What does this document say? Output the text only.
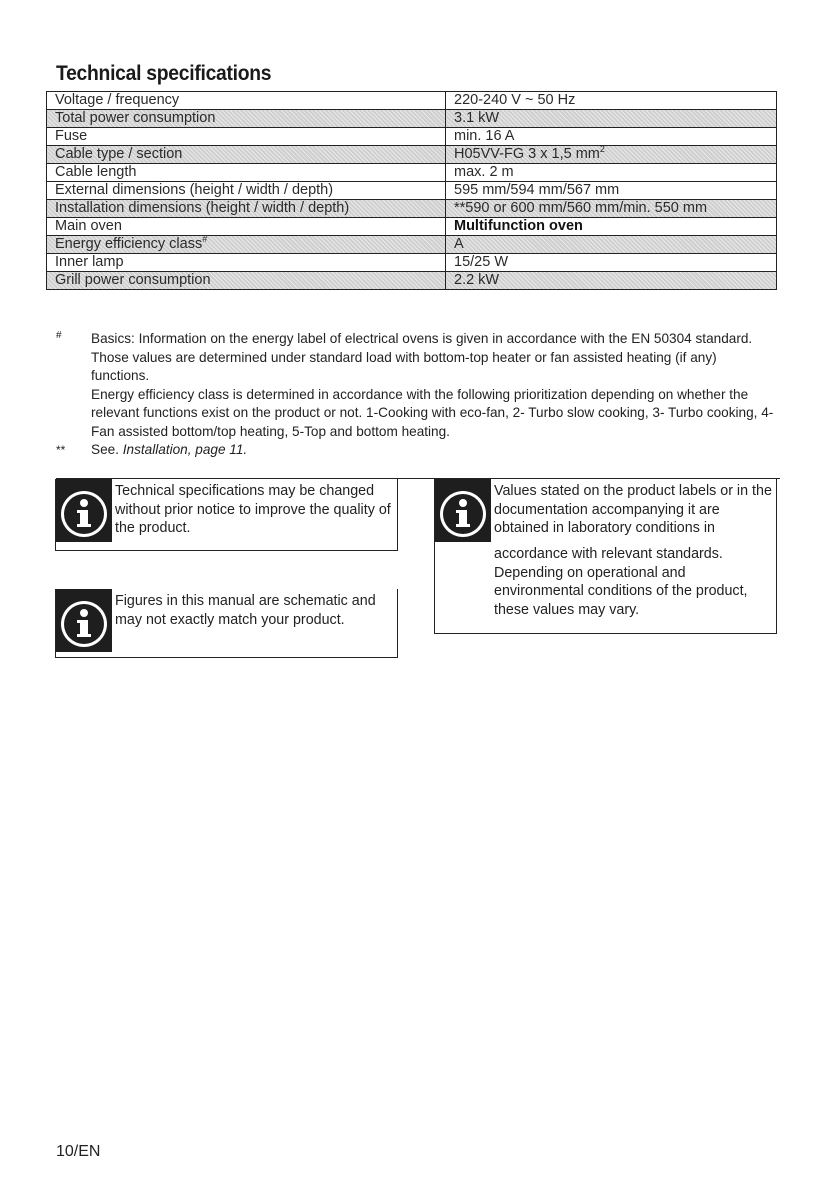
Technical specifications
Voltage / frequency	220-240 V ~ 50 Hz
Total power consumption	3.1 kW
Fuse	min. 16 A
Cable type / section	H05VV-FG 3 x 1,5 $mm^2$
Cable length	max. 2 m
External dimensions (height / width / depth)	595 mm/594 mm/567 mm
Installation dimensions (height / width / depth)	**590 or 600 mm/560 mm/min. 550 mm
Main oven	Multifunction oven
Energy efficiency class#	A
Inner lamp	15/25 W
Grill power consumption	2.2 kW
# Basics: Information on the energy label of electrical ovens is given in accordance with the EN 50304 standard. Those values are determined under standard load with bottom-top heater or fan assisted heating (if any) functions.

Energy efficiency class is determined in accordance with the following prioritization depending on whether the relevant functions exist on the product or not. 1-Cooking with eco-fan, 2- Turbo slow cooking, 3- Turbo cooking, 4- Fan assisted bottom/top heating, 5-Top and bottom heating.

** See. Installation, page 11.

Technical specifications may be changed without prior notice to improve the quality of the product.
Figures in this manual are schematic and may not exactly match your product.
Values stated on the product labels or in the documentation accompanying it are obtained in laboratory conditions in
accordance with relevant standards. Depending on operational and environmental conditions of the product, these values may vary.
10/EN
